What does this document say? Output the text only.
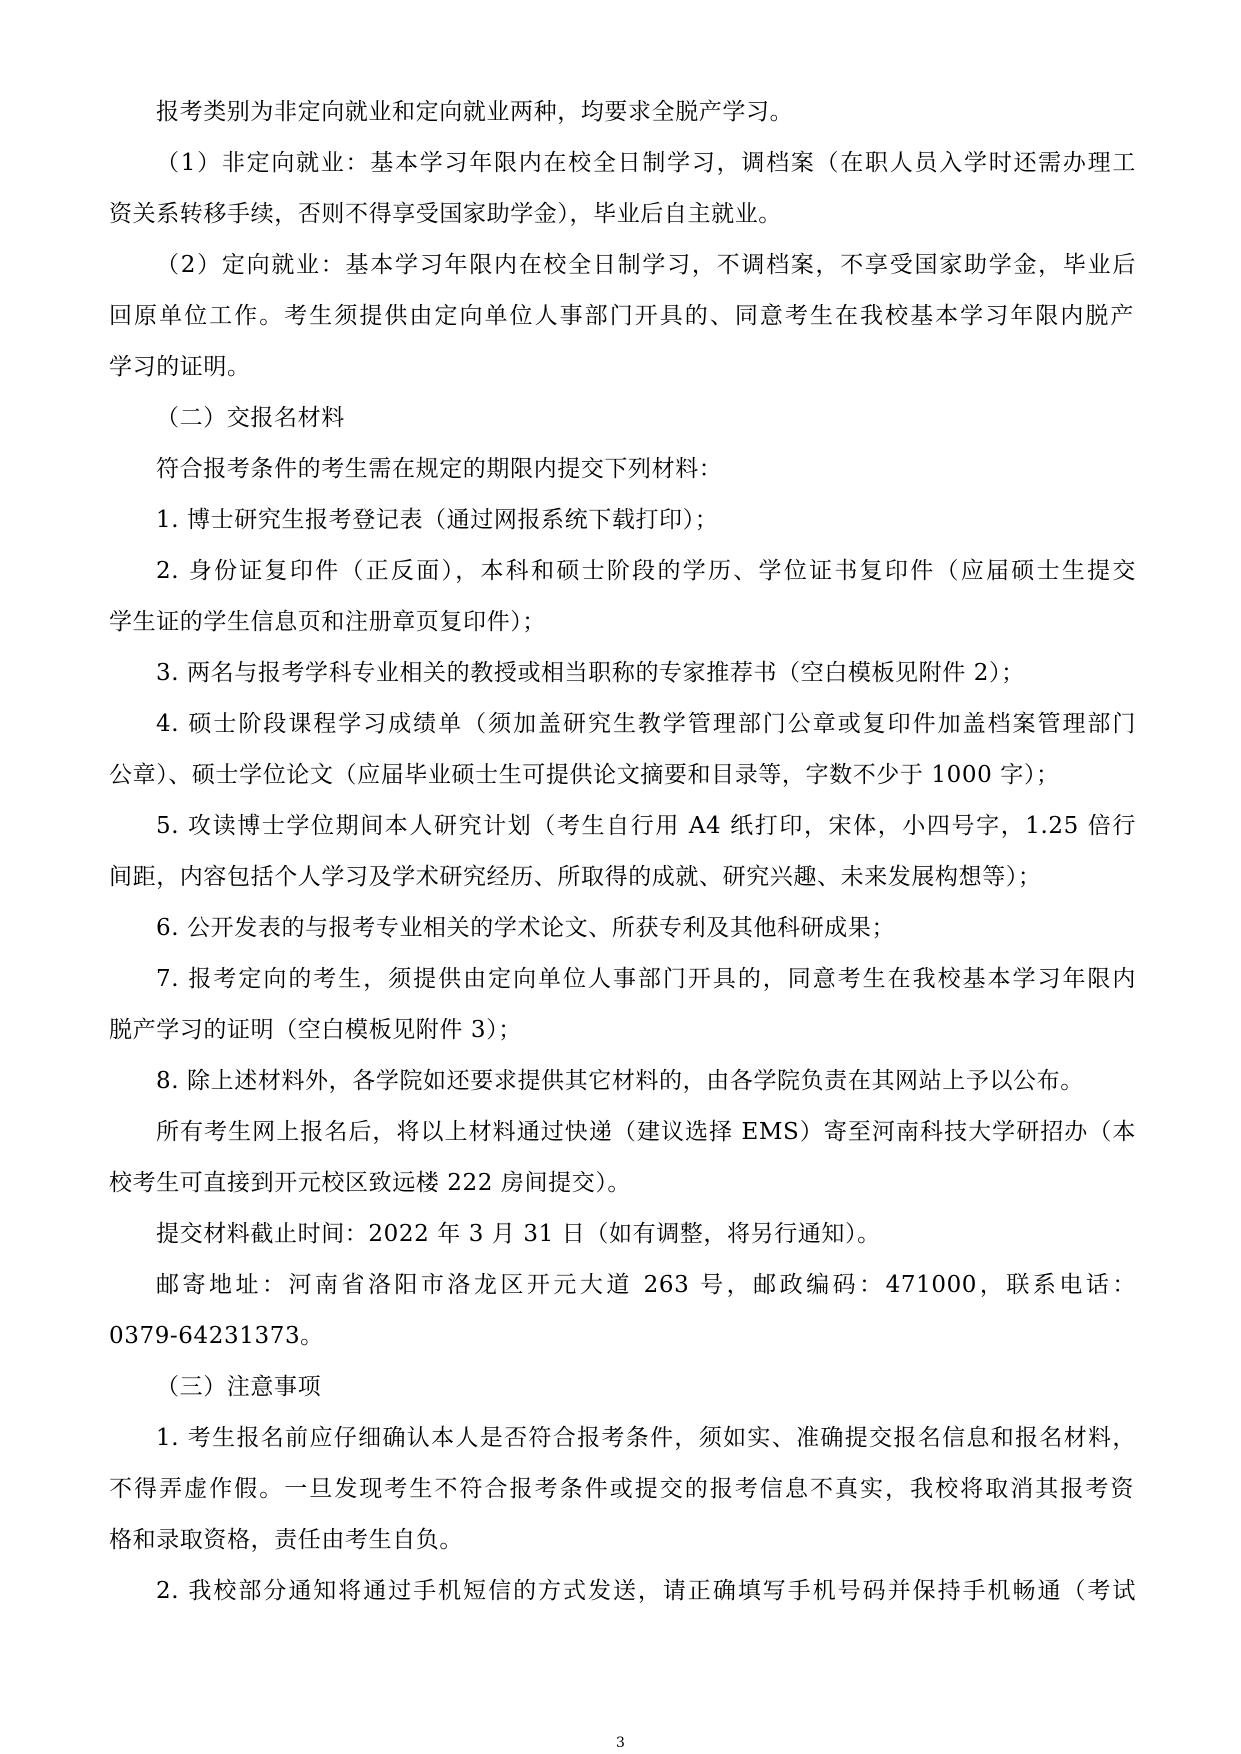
报考类别为非定向就业和定向就业两种，均要求全脱产学习。
（1）非定向就业：基本学习年限内在校全日制学习，调档案（在职人员入学时还需办理工
资关系转移手续，否则不得享受国家助学金），毕业后自主就业。
（2）定向就业：基本学习年限内在校全日制学习，不调档案，不享受国家助学金，毕业后
回原单位工作。考生须提供由定向单位人事部门开具的、同意考生在我校基本学习年限内脱产
学习的证明。
（二）交报名材料
符合报考条件的考生需在规定的期限内提交下列材料：
1. 博士研究生报考登记表（通过网报系统下载打印）；
2. 身份证复印件（正反面），本科和硕士阶段的学历、学位证书复印件（应届硕士生提交
学生证的学生信息页和注册章页复印件）；
3. 两名与报考学科专业相关的教授或相当职称的专家推荐书（空白模板见附件 2）；
4. 硕士阶段课程学习成绩单（须加盖研究生教学管理部门公章或复印件加盖档案管理部门
公章）、硕士学位论文（应届毕业硕士生可提供论文摘要和目录等，字数不少于 1000 字）；
5. 攻读博士学位期间本人研究计划（考生自行用 A4 纸打印，宋体，小四号字，1.25 倍行
间距，内容包括个人学习及学术研究经历、所取得的成就、研究兴趣、未来发展构想等）；
6. 公开发表的与报考专业相关的学术论文、所获专利及其他科研成果；
7. 报考定向的考生，须提供由定向单位人事部门开具的，同意考生在我校基本学习年限内
脱产学习的证明（空白模板见附件 3）；
8. 除上述材料外，各学院如还要求提供其它材料的，由各学院负责在其网站上予以公布。
所有考生网上报名后，将以上材料通过快递（建议选择 EMS）寄至河南科技大学研招办（本
校考生可直接到开元校区致远楼 222 房间提交）。
提交材料截止时间：2022 年 3 月 31 日（如有调整，将另行通知）。
邮寄地址：河南省洛阳市洛龙区开元大道 263 号，邮政编码：471000，联系电话：
0379-64231373。
（三）注意事项
1. 考生报名前应仔细确认本人是否符合报考条件，须如实、准确提交报名信息和报名材料，
不得弄虚作假。一旦发现考生不符合报考条件或提交的报考信息不真实，我校将取消其报考资
格和录取资格，责任由考生自负。
2. 我校部分通知将通过手机短信的方式发送，请正确填写手机号码并保持手机畅通（考试
3
